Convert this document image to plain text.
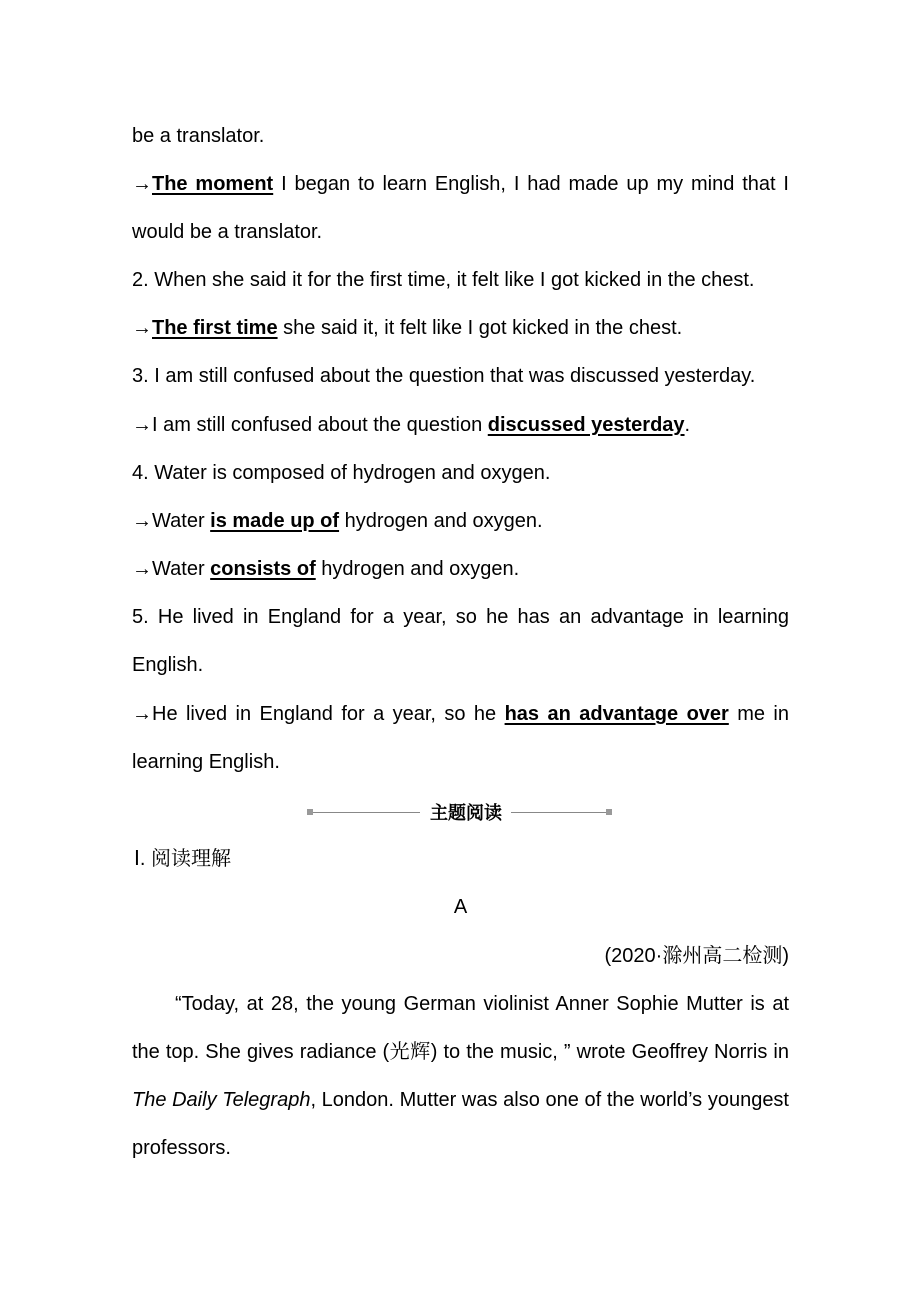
be a translator.
→The moment I began to learn English, I had made up my mind that I
would be a translator.
2. When she said it for the first time, it felt like I got kicked in the chest.
→The first time she said it, it felt like I got kicked in the chest.
3. I am still confused about the question that was discussed yesterday.
→I am still confused about the question discussed yesterday.
4. Water is composed of hydrogen and oxygen.
→Water is made up of hydrogen and oxygen.
→Water consists of hydrogen and oxygen.
5. He lived in England for a year, so he has an advantage in learning
English.
→He lived in England for a year, so he has an advantage over me in
learning English.
主题阅读
Ⅰ. 阅读理解
A
(2020·滁州高二检测)
“Today, at 28, the young German violinist Anner Sophie Mutter is at
the top. She gives radiance (光辉) to the music, ” wrote Geoffrey Norris in
The Daily Telegraph, London. Mutter was also one of the world’s youngest
professors.
